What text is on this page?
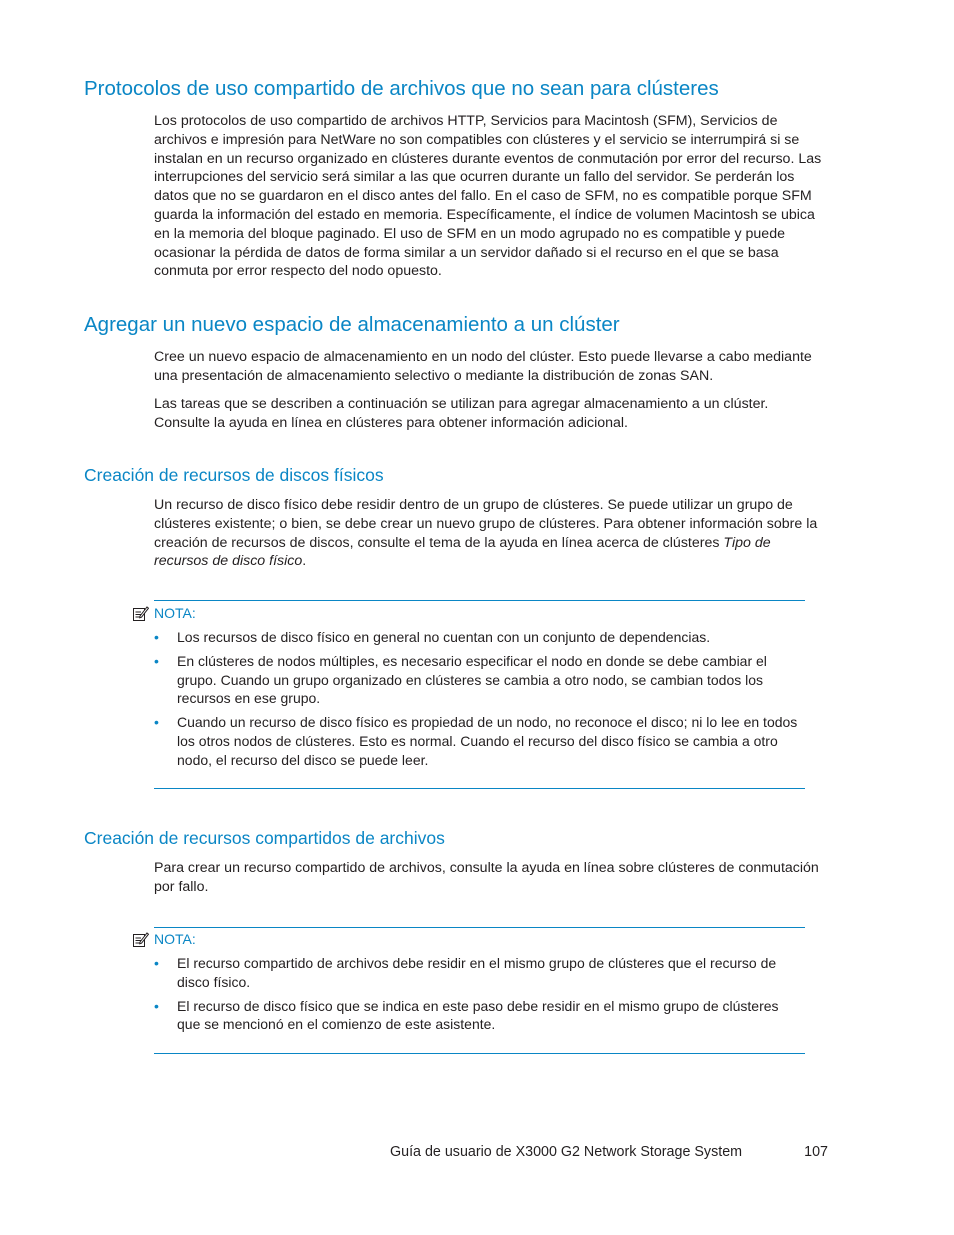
Protocolos de uso compartido de archivos que no sean para clústeres

Los protocolos de uso compartido de archivos HTTP, Servicios para Macintosh (SFM), Servicios de archivos e impresión para NetWare no son compatibles con clústeres y el servicio se interrumpirá si se instalan en un recurso organizado en clústeres durante eventos de conmutación por error del recurso. Las interrupciones del servicio será similar a las que ocurren durante un fallo del servidor. Se perderán los datos que no se guardaron en el disco antes del fallo. En el caso de SFM, no es compatible porque SFM guarda la información del estado en memoria. Específicamente, el índice de volumen Macintosh se ubica en la memoria del bloque paginado. El uso de SFM en un modo agrupado no es compatible y puede ocasionar la pérdida de datos de forma similar a un servidor dañado si el recurso en el que se basa conmuta por error respecto del nodo opuesto.

Agregar un nuevo espacio de almacenamiento a un clúster

Cree un nuevo espacio de almacenamiento en un nodo del clúster. Esto puede llevarse a cabo mediante una presentación de almacenamiento selectivo o mediante la distribución de zonas SAN.

Las tareas que se describen a continuación se utilizan para agregar almacenamiento a un clúster. Consulte la ayuda en línea en clústeres para obtener información adicional.

Creación de recursos de discos físicos

Un recurso de disco físico debe residir dentro de un grupo de clústeres. Se puede utilizar un grupo de clústeres existente; o bien, se debe crear un nuevo grupo de clústeres. Para obtener información sobre la creación de recursos de discos, consulte el tema de la ayuda en línea acerca de clústeres Tipo de recursos de disco físico.

NOTA:
• Los recursos de disco físico en general no cuentan con un conjunto de dependencias.
• En clústeres de nodos múltiples, es necesario especificar el nodo en donde se debe cambiar el grupo. Cuando un grupo organizado en clústeres se cambia a otro nodo, se cambian todos los recursos en ese grupo.
• Cuando un recurso de disco físico es propiedad de un nodo, no reconoce el disco; ni lo lee en todos los otros nodos de clústeres. Esto es normal. Cuando el recurso del disco físico se cambia a otro nodo, el recurso del disco se puede leer.
Creación de recursos compartidos de archivos

Para crear un recurso compartido de archivos, consulte la ayuda en línea sobre clústeres de conmutación por fallo.

NOTA:
• El recurso compartido de archivos debe residir en el mismo grupo de clústeres que el recurso de disco físico.
• El recurso de disco físico que se indica en este paso debe residir en el mismo grupo de clústeres que se mencionó en el comienzo de este asistente.
Guía de usuario de X3000 G2 Network Storage System	107
